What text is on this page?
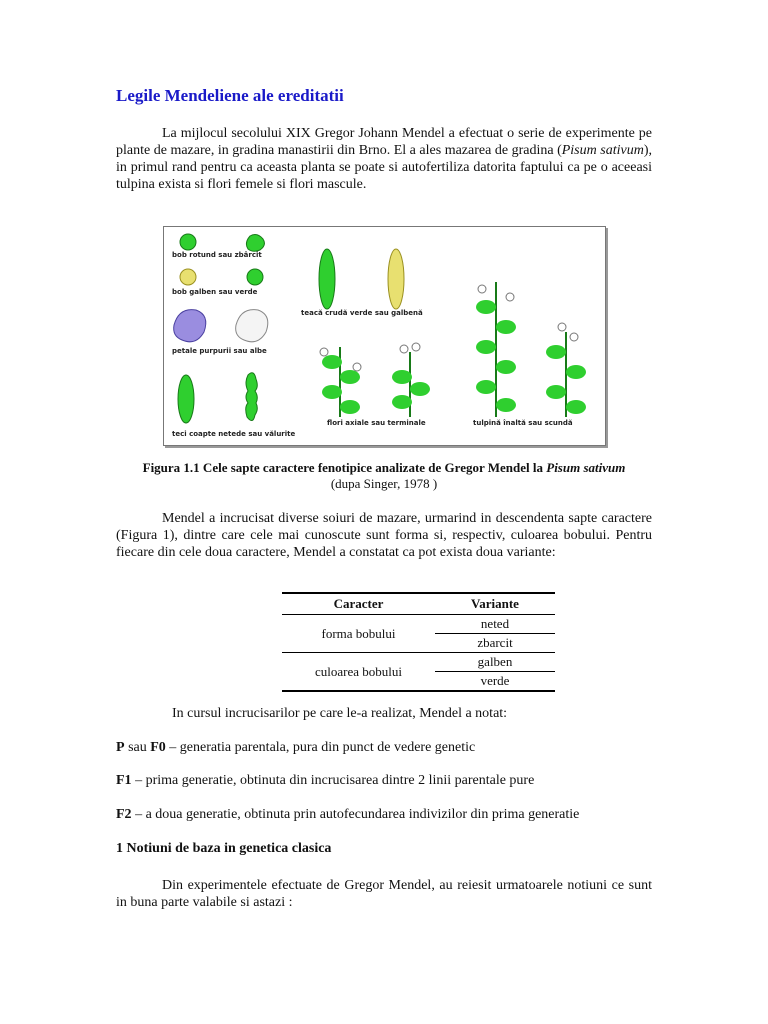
Legile Mendeliene ale ereditatii

La mijlocul secolului XIX Gregor Johann Mendel a efectuat o serie de experimente pe plante de mazare, in gradina manastirii din Brno. El a ales mazarea de gradina (Pisum sativum), in primul rand pentru ca aceasta planta se poate si autofertiliza datorita faptului ca pe o aceeasi tulpina exista si flori femele si flori mascule.

bob rotund sau zbârcit
bob galben sau verde
petale purpurii sau albe
teci coapte netede sau vălurite
teacă crudă verde sau galbenă
flori axiale sau terminale	tulpină înaltă sau scundă

Figura 1.1 Cele sapte caractere fenotipice analizate de Gregor Mendel la Pisum sativum

(dupa Singer, 1978 )

Mendel a incrucisat diverse soiuri de mazare, urmarind in descendenta sapte caractere (Figura 1), dintre care cele mai cunoscute sunt forma si, respectiv, culoarea bobului. Pentru fiecare din cele doua caractere, Mendel a constatat ca pot exista doua variante:

Caracter	Variante
forma bobului	neted
	zbarcit
culoarea bobului	galben
	verde

In cursul incrucisarilor pe care le-a realizat, Mendel a notat:

P sau F0 – generatia parentala, pura din punct de vedere genetic

F1 – prima generatie, obtinuta din incrucisarea dintre 2 linii parentale pure

F2 – a doua generatie, obtinuta prin autofecundarea indivizilor din prima generatie

1 Notiuni de baza in genetica clasica

Din experimentele efectuate de Gregor Mendel, au reiesit urmatoarele notiuni ce sunt in buna parte valabile si astazi :
